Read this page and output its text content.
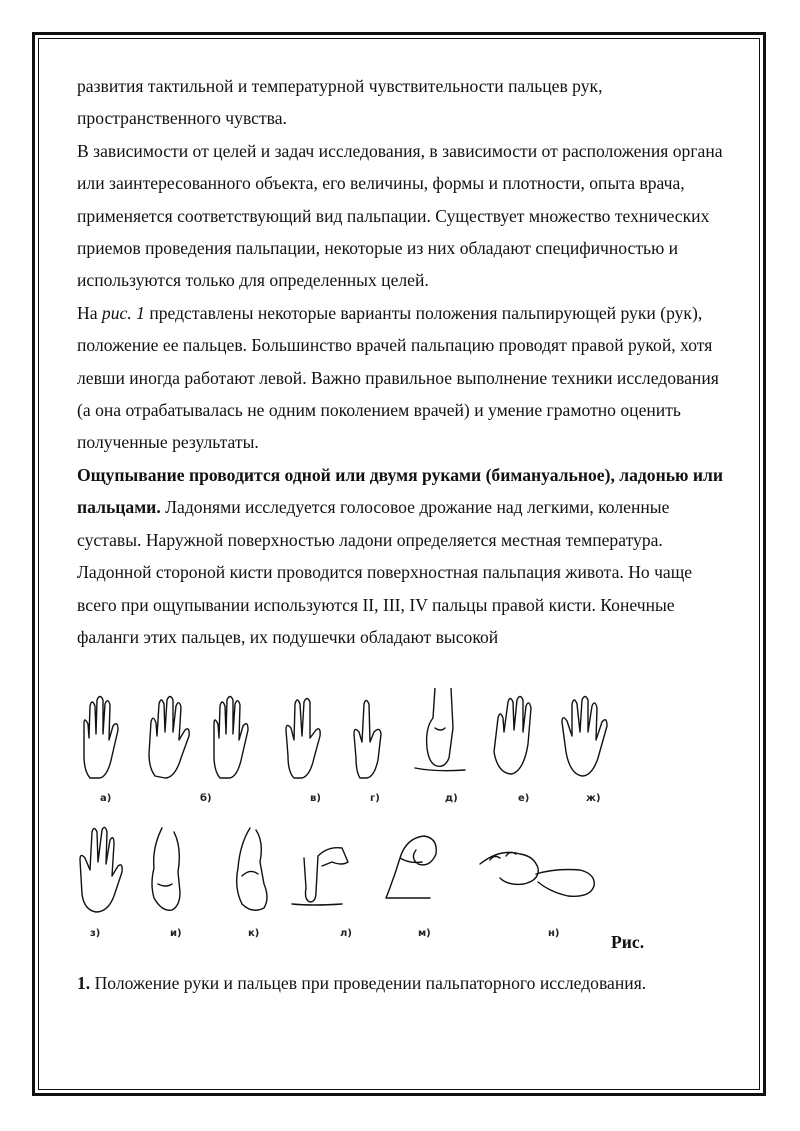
развития тактильной и температурной чувствительности пальцев рук, пространственного чувства.

В зависимости от целей и задач исследования, в зависимости от расположения органа или заинтересованного объекта, его величины, формы и плотности, опыта врача, применяется соответствующий вид пальпации. Существует множество технических приемов проведения пальпации, некоторые из них обладают специфичностью и используются только для определенных целей.

На рис. 1 представлены некоторые варианты положения пальпирующей руки (рук), положение ее пальцев. Большинство врачей пальпацию проводят правой рукой, хотя левши иногда работают левой. Важно правильное выполнение техники исследования (а она отрабатывалась не одним поколением врачей) и умение грамотно оценить полученные результаты.

Ощупывание проводится одной или двумя руками (бимануальное), ладонью или пальцами. Ладонями исследуется голосовое дрожание над легкими, коленные суставы. Наружной поверхностью ладони определяется местная температура. Ладонной стороной кисти проводится поверхностная пальпация живота. Но чаще всего при ощупывании используются II, III, IV пальцы правой кисти. Конечные фаланги этих пальцев, их подушечки обладают высокой

а)	б)	в)	г)	д)	е)	ж)
з)	и)	к)	л)	м)	н)	Рис.
1. Положение руки и пальцев при проведении пальпаторного исследования.
